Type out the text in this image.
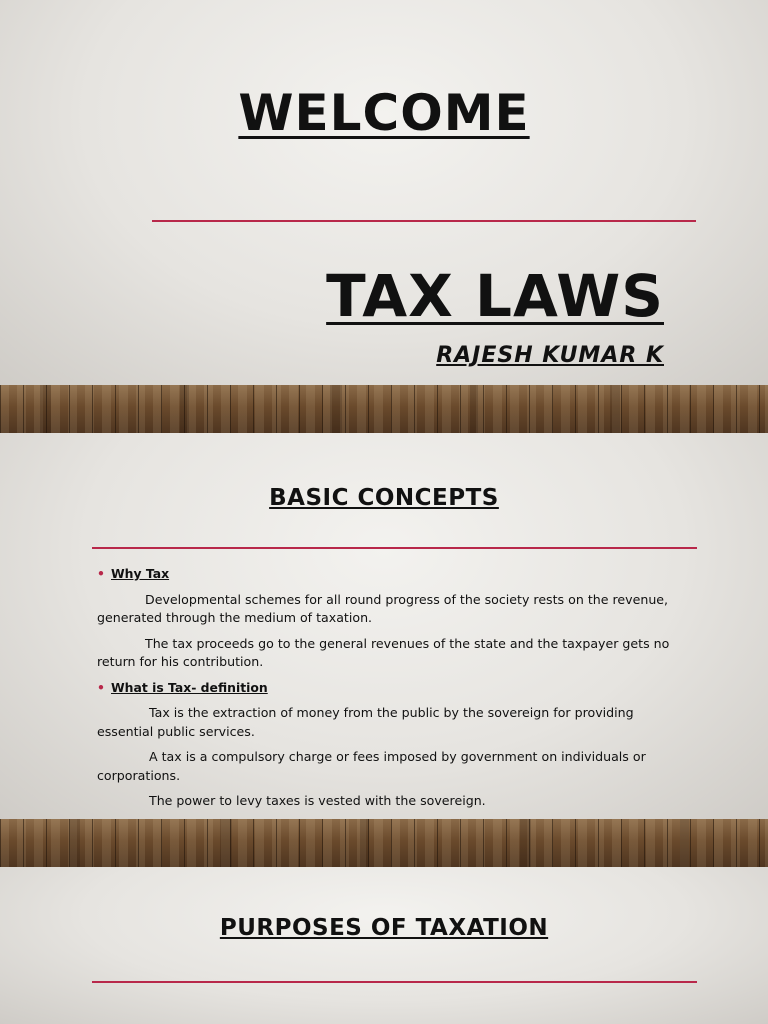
WELCOME
TAX LAWS
RAJESH KUMAR K
BASIC CONCEPTS
• Why Tax

Developmental schemes for all round progress of the society rests on the revenue, generated through the medium of taxation.

The tax proceeds go to the general revenues of the state and the taxpayer gets no return for his contribution.

• What is Tax- definition

Tax is the extraction of money from the public by the sovereign for providing essential public services.

A tax is a compulsory charge or fees imposed by government on individuals or corporations.

The power to levy taxes is vested with the sovereign.

PURPOSES OF TAXATION
